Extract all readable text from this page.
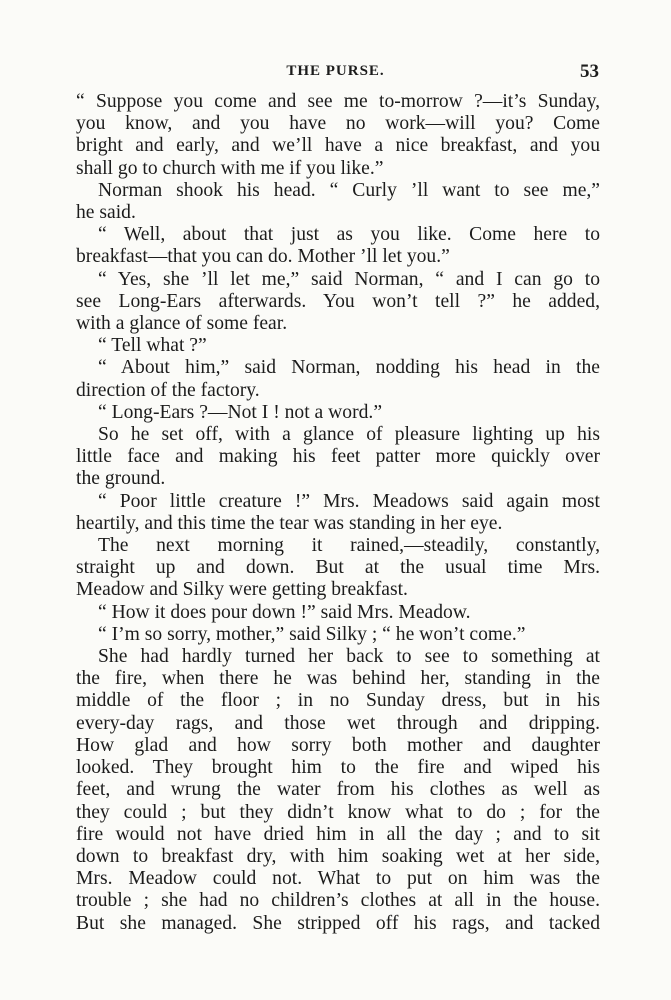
THE PURSE.	53

“ Suppose you come and see me to-morrow ?—it’s Sunday,

you know, and you have no work—will you? Come

bright and early, and we’ll have a nice breakfast, and you

shall go to church with me if you like.”

Norman shook his head. “ Curly ’ll want to see me,”

he said.

“ Well, about that just as you like. Come here to

breakfast—that you can do. Mother ’ll let you.”

“ Yes, she ’ll let me,” said Norman, “ and I can go to

see Long-Ears afterwards. You won’t tell ?” he added,

with a glance of some fear.

“ Tell what ?”

“ About him,” said Norman, nodding his head in the

direction of the factory.

“ Long-Ears ?—Not I ! not a word.”

So he set off, with a glance of pleasure lighting up his

little face and making his feet patter more quickly over

the ground.

“ Poor little creature !” Mrs. Meadows said again most

heartily, and this time the tear was standing in her eye.

The next morning it rained,—steadily, constantly,

straight up and down. But at the usual time Mrs.

Meadow and Silky were getting breakfast.

“ How it does pour down !” said Mrs. Meadow.

“ I’m so sorry, mother,” said Silky ; “ he won’t come.”

She had hardly turned her back to see to something at

the fire, when there he was behind her, standing in the

middle of the floor ; in no Sunday dress, but in his

every-day rags, and those wet through and dripping.

How glad and how sorry both mother and daughter

looked. They brought him to the fire and wiped his

feet, and wrung the water from his clothes as well as

they could ; but they didn’t know what to do ; for the

fire would not have dried him in all the day ; and to sit

down to breakfast dry, with him soaking wet at her side,

Mrs. Meadow could not. What to put on him was the

trouble ; she had no children’s clothes at all in the house.

But she managed. She stripped off his rags, and tacked
